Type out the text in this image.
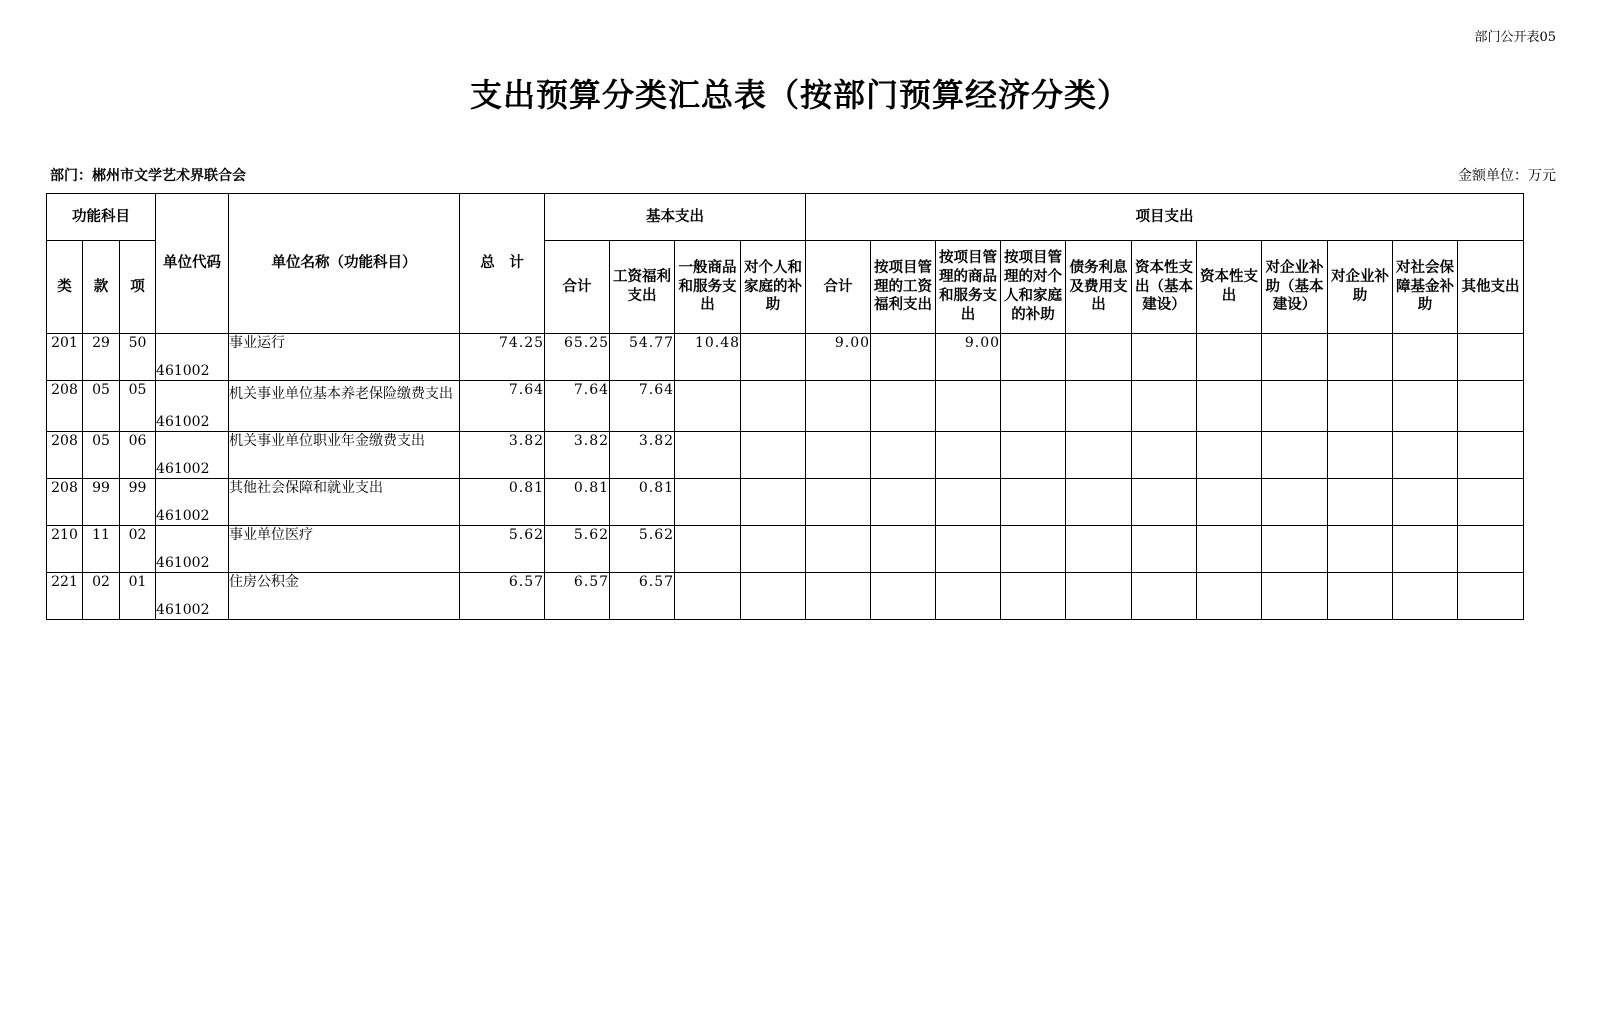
部门公开表05
支出预算分类汇总表（按部门预算经济分类）
部门：郴州市文学艺术界联合会	金额单位：万元
功能科目			单位代码	单位名称（功能科目）	总　计	基本支出				项目支出										
类	款	项				合计	工资福利支出	一般商品和服务支出	对个人和家庭的补助	合计	按项目管理的工资福利支出	按项目管理的商品和服务支出	按项目管理的对个人和家庭的补助	债务利息及费用支出	资本性支出（基本建设）	资本性支出	对企业补助（基本建设）	对企业补助	对社会保障基金补助	其他支出
201	29	50	461002	事业运行	74.25	65.25	54.77	10.48		9.00		9.00								
208	05	05	461002	机关事业单位基本养老保险缴费支出	7.64	7.64	7.64													
208	05	06	461002	机关事业单位职业年金缴费支出	3.82	3.82	3.82													
208	99	99	461002	其他社会保障和就业支出	0.81	0.81	0.81													
210	11	02	461002	事业单位医疗	5.62	5.62	5.62													
221	02	01	461002	住房公积金	6.57	6.57	6.57													
